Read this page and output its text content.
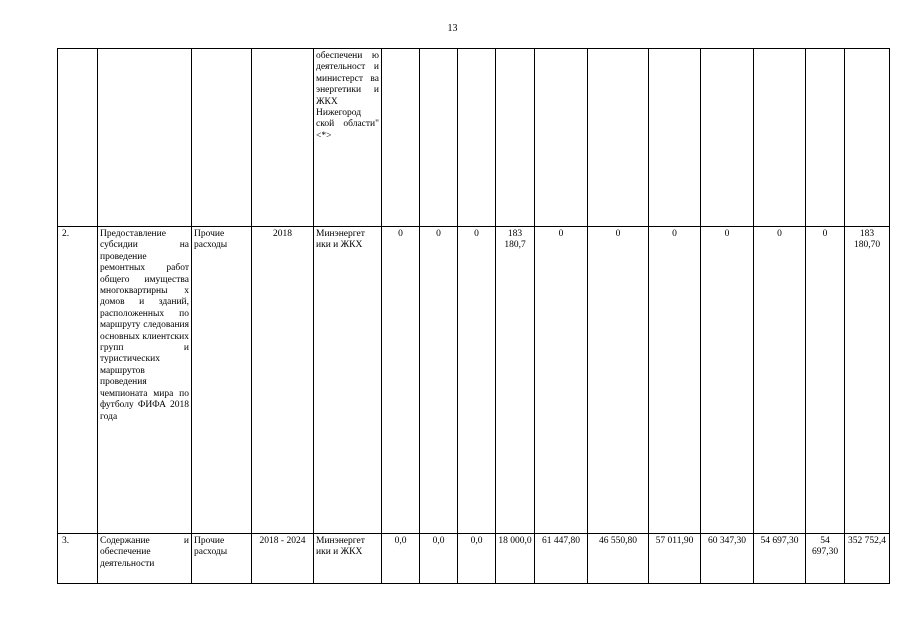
13
				обеспечени ю деятельност и министерст ва энергетики и ЖКХ Нижегород ской области" <*>											
2.	Предоставление субсидии на проведение ремонтных работ общего имущества многоквартирны х домов и зданий, расположенных по маршруту следования основных клиентских групп и туристических маршрутов проведения чемпионата мира по футболу ФИФА 2018 года	Прочие расходы	2018	Минэнергет ики и ЖКХ	0	0	0	183 180,7	0	0	0	0	0	0	183 180,70
3.	Содержание и обеспечение деятельности	Прочие расходы	2018 - 2024	Минэнергет ики и ЖКХ	0,0	0,0	0,0	18 000,0	61 447,80	46 550,80	57 011,90	60 347,30	54 697,30	54 697,30	352 752,4
